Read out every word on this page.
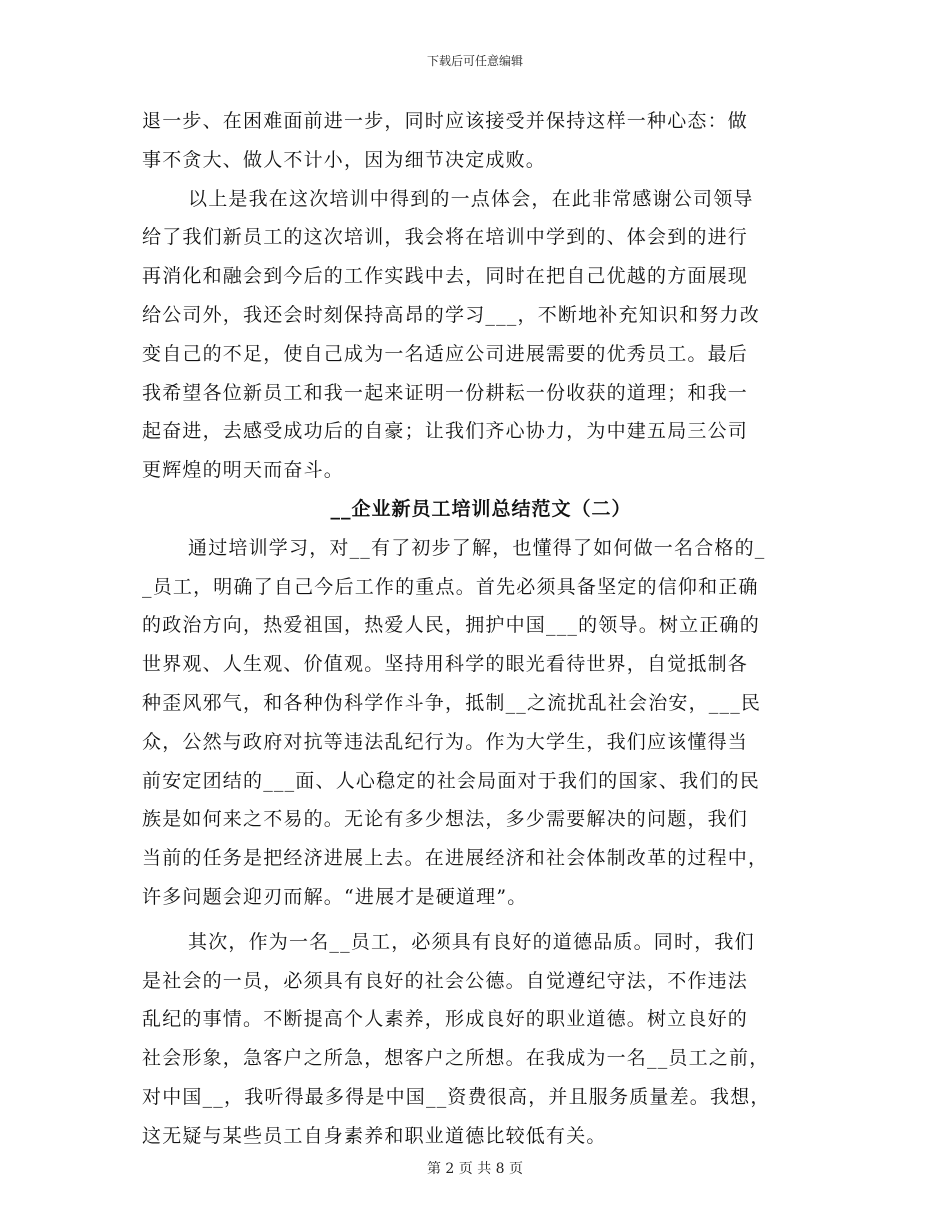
下载后可任意编辑
退一步、在困难面前进一步，同时应该接受并保持这样一种心态：做
事不贪大、做人不计小，因为细节决定成败。
以上是我在这次培训中得到的一点体会，在此非常感谢公司领导
给了我们新员工的这次培训，我会将在培训中学到的、体会到的进行
再消化和融会到今后的工作实践中去，同时在把自己优越的方面展现
给公司外，我还会时刻保持高昂的学习___，不断地补充知识和努力改
变自己的不足，使自己成为一名适应公司进展需要的优秀员工。最后
我希望各位新员工和我一起来证明一份耕耘一份收获的道理；和我一
起奋进，去感受成功后的自豪；让我们齐心协力，为中建五局三公司
更辉煌的明天而奋斗。
__企业新员工培训总结范文（二）
通过培训学习，对__有了初步了解，也懂得了如何做一名合格的_
_员工，明确了自己今后工作的重点。首先必须具备坚定的信仰和正确
的政治方向，热爱祖国，热爱人民，拥护中国___的领导。树立正确的
世界观、人生观、价值观。坚持用科学的眼光看待世界，自觉抵制各
种歪风邪气，和各种伪科学作斗争，抵制__之流扰乱社会治安，___民
众，公然与政府对抗等违法乱纪行为。作为大学生，我们应该懂得当
前安定团结的___面、人心稳定的社会局面对于我们的国家、我们的民
族是如何来之不易的。无论有多少想法，多少需要解决的问题，我们
当前的任务是把经济进展上去。在进展经济和社会体制改革的过程中，
许多问题会迎刃而解。“进展才是硬道理”。
其次，作为一名__员工，必须具有良好的道德品质。同时，我们
是社会的一员，必须具有良好的社会公德。自觉遵纪守法，不作违法
乱纪的事情。不断提高个人素养，形成良好的职业道德。树立良好的
社会形象，急客户之所急，想客户之所想。在我成为一名__员工之前，
对中国__，我听得最多得是中国__资费很高，并且服务质量差。我想，
这无疑与某些员工自身素养和职业道德比较低有关。
第 2 页 共 8 页
